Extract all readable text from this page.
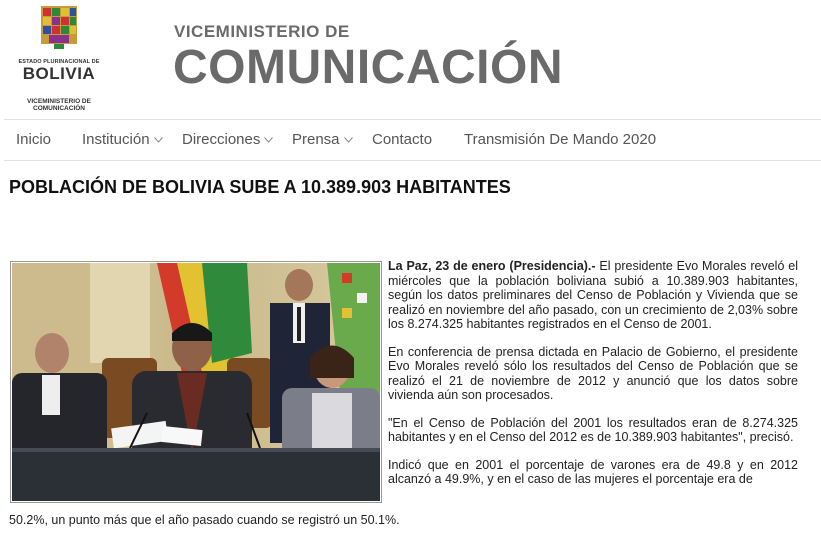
ESTADO PLURINACIONAL DE
BOLIVIA
VICEMINISTERIO DE
COMUNICACIÓN
VICEMINISTERIO DE
COMUNICACIÓN
Inicio Institución	Direcciones	Prensa	Contacto Transmisión De Mando 2020
POBLACIÓN DE BOLIVIA SUBE A 10.389.903 HABITANTES

La Paz, 23 de enero (Presidencia).- El presidente Evo Morales reveló el miércoles que la población boliviana subió a 10.389.903 habitantes, según los datos preliminares del Censo de Población y Vivienda que se realizó en noviembre del año pasado, con un crecimiento de 2,03% sobre los 8.274.325 habitantes registrados en el Censo de 2001.

En conferencia de prensa dictada en Palacio de Gobierno, el presidente Evo Morales reveló sólo los resultados del Censo de Población que se realizó el 21 de noviembre de 2012 y anunció que los datos sobre vivienda aún son procesados.

"En el Censo de Población del 2001 los resultados eran de 8.274.325 habitantes y en el Censo del 2012 es de 10.389.903 habitantes", precisó.

Indicó que en 2001 el porcentaje de varones era de 49.8 y en 2012 alcanzó a 49.9%, y en el caso de las mujeres el porcentaje era de

50.2%, un punto más que el año pasado cuando se registró un 50.1%.
